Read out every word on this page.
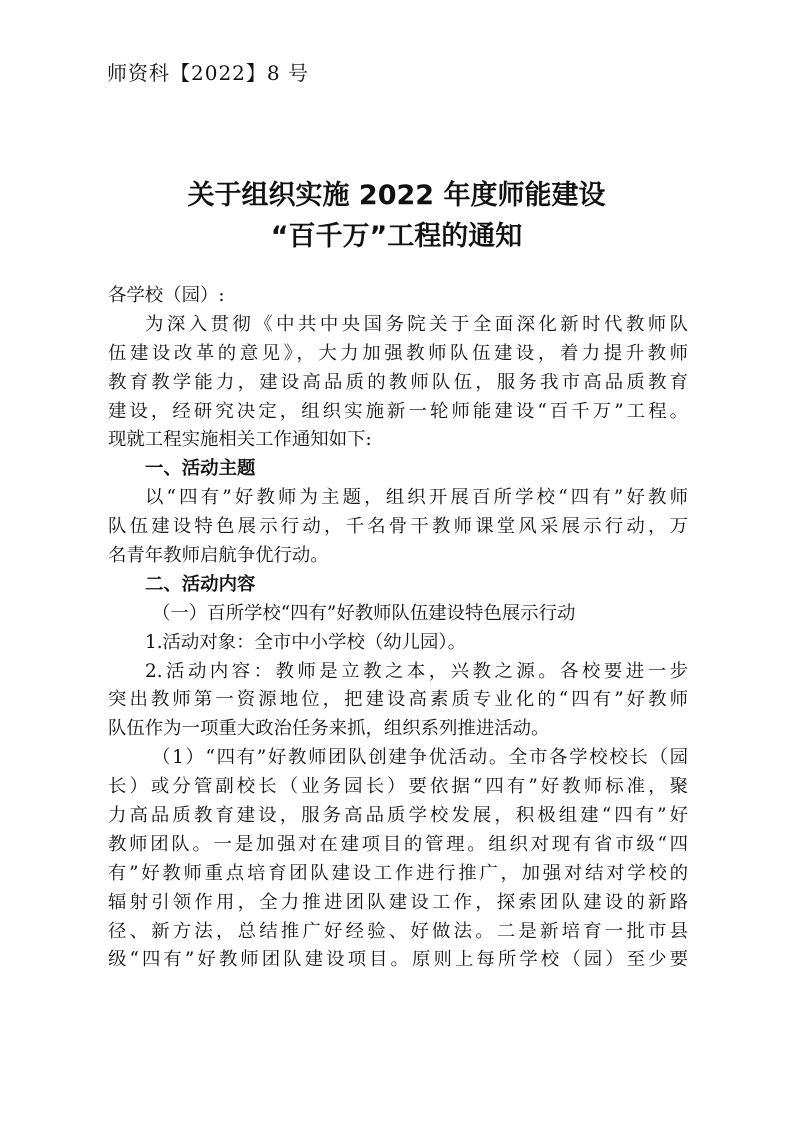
师资科【2022】8 号
关于组织实施 2022 年度师能建设
“百千万”工程的通知
各学校（园）:
为深入贯彻《中共中央国务院关于全面深化新时代教师队
伍建设改革的意见》，大力加强教师队伍建设，着力提升教师
教育教学能力，建设高品质的教师队伍，服务我市高品质教育
建设，经研究决定，组织实施新一轮师能建设“百千万”工程。
现就工程实施相关工作通知如下:
一、活动主题
以“四有”好教师为主题，组织开展百所学校“四有”好教师
队伍建设特色展示行动，千名骨干教师课堂风采展示行动，万
名青年教师启航争优行动。
二、活动内容
（一）百所学校“四有”好教师队伍建设特色展示行动
1.活动对象：全市中小学校（幼儿园）。
2.活动内容：教师是立教之本，兴教之源。各校要进一步
突出教师第一资源地位，把建设高素质专业化的“四有”好教师
队伍作为一项重大政治任务来抓，组织系列推进活动。
（1）“四有”好教师团队创建争优活动。全市各学校校长（园
长）或分管副校长（业务园长）要依据“四有”好教师标准，聚
力高品质教育建设，服务高品质学校发展，积极组建“四有”好
教师团队。一是加强对在建项目的管理。组织对现有省市级“四
有”好教师重点培育团队建设工作进行推广，加强对结对学校的
辐射引领作用，全力推进团队建设工作，探索团队建设的新路
径、新方法，总结推广好经验、好做法。二是新培育一批市县
级“四有”好教师团队建设项目。原则上每所学校（园）至少要
